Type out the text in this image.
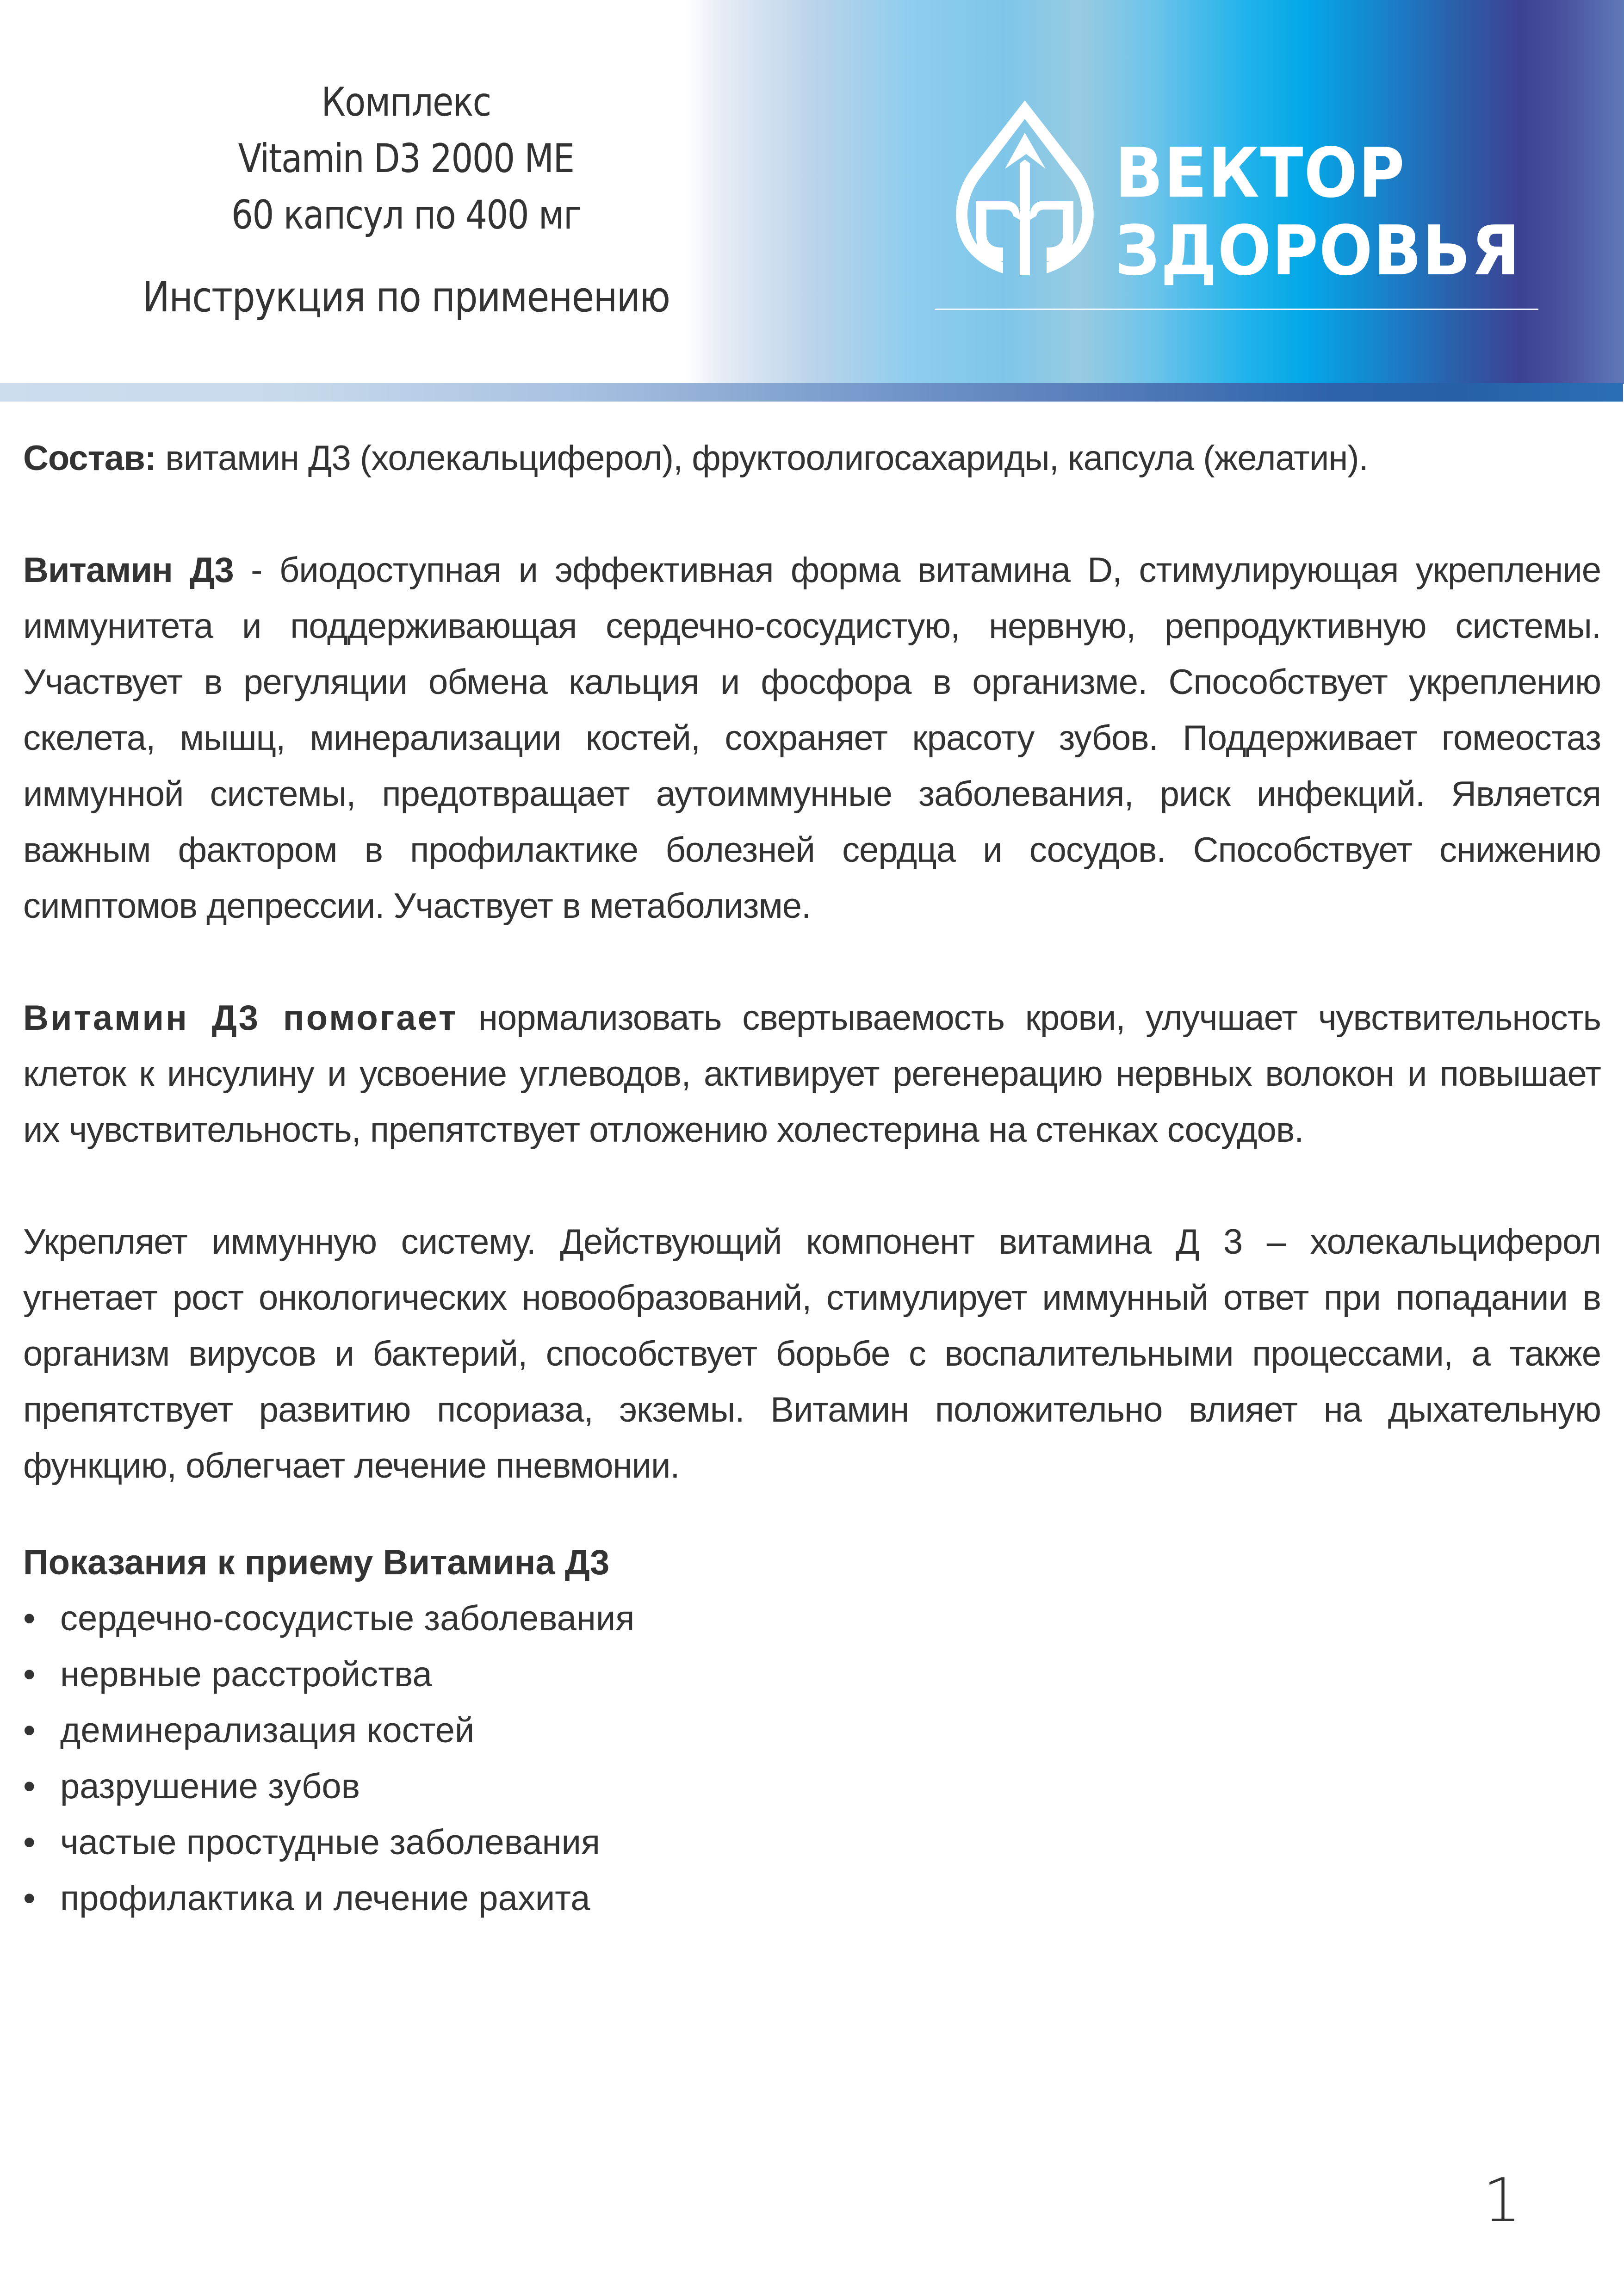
Комплекс
Vitamin D3 2000 МЕ
60 капсул по 400 мг
Инструкция по применению
ВЕКТОР
ЗДОРОВЬЯ

Состав: витамин Д3 (холекальциферол), фруктоолигосахариды, капсула (желатин).

Витамин Д3 - биодоступная и эффективная форма витамина D, стимулирующая укрепление иммунитета и поддерживающая сердечно-сосудистую, нервную, репродуктивную системы. Участвует в регуляции обмена кальция и фосфора в организме. Способствует укреплению скелета, мышц, минерализации костей, сохраняет красоту зубов. Поддерживает гомеостаз иммунной системы, предотвращает аутоиммунные заболевания, риск инфекций. Является важным фактором в профилактике болезней сердца и сосудов. Способствует снижению симптомов депрессии. Участвует в метаболизме.

Витамин Д3 помогает нормализовать свертываемость крови, улучшает чувствительность клеток к инсулину и усвоение углеводов, активирует регенерацию нервных волокон и повышает их чувствительность, препятствует отложению холестерина на стенках сосудов.

Укрепляет иммунную систему. Действующий компонент витамина Д 3 – холекальциферол угнетает рост онкологических новообразований, стимулирует иммунный ответ при попадании в организм вирусов и бактерий, способствует борьбе с воспалительными процессами, а также препятствует развитию псориаза, экземы. Витамин положительно влияет на дыхательную функцию, облегчает лечение пневмонии.

Показания к приему Витамина Д3

• сердечно-сосудистые заболевания
• нервные расстройства
• деминерализация костей
• разрушение зубов
• частые простудные заболевания
• профилактика и лечение рахита
1
